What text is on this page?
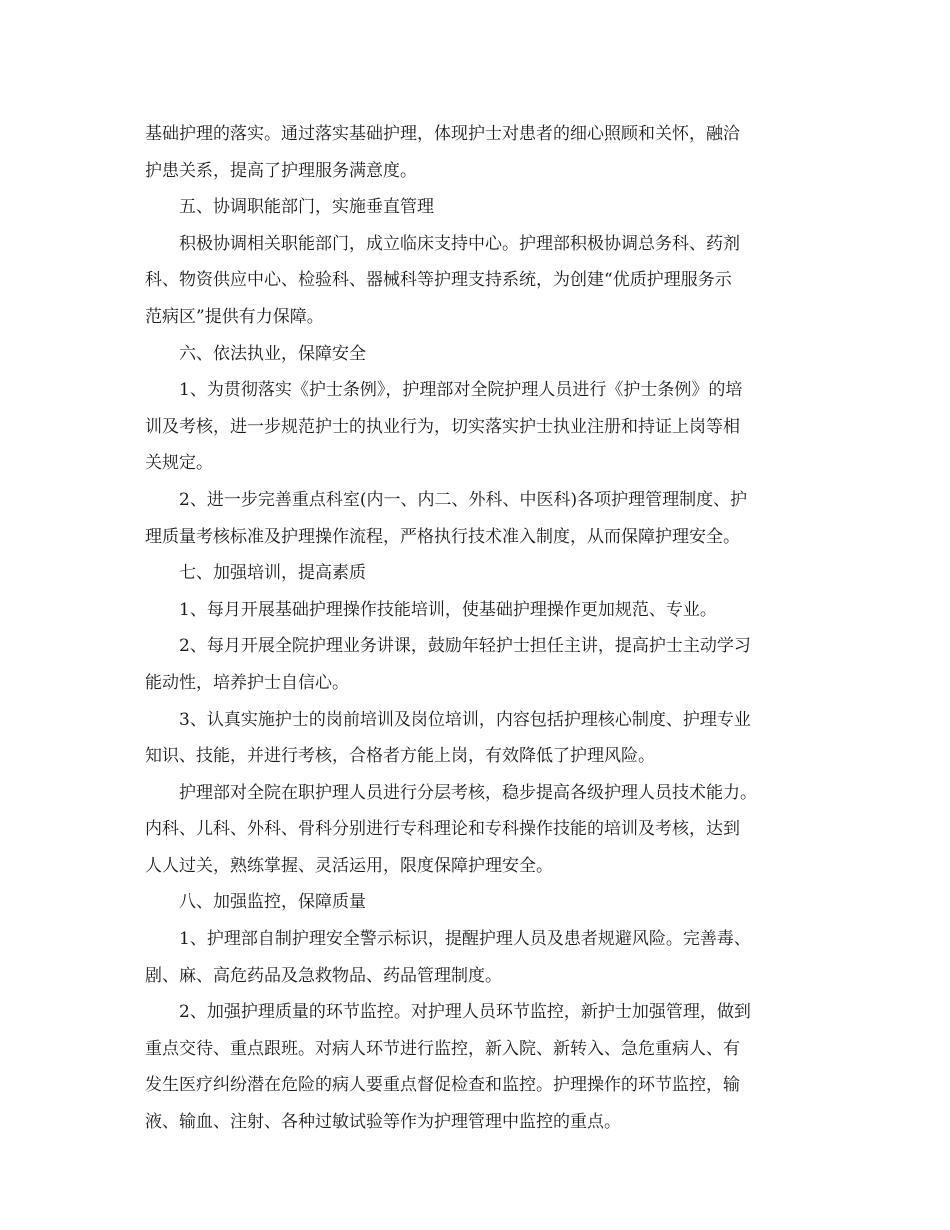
基础护理的落实。通过落实基础护理，体现护士对患者的细心照顾和关怀，融洽
护患关系，提高了护理服务满意度。
五、协调职能部门，实施垂直管理
积极协调相关职能部门，成立临床支持中心。护理部积极协调总务科、药剂
科、物资供应中心、检验科、器械科等护理支持系统，为创建“优质护理服务示
范病区”提供有力保障。
六、依法执业，保障安全
1、为贯彻落实《护士条例》，护理部对全院护理人员进行《护士条例》的培
训及考核，进一步规范护士的执业行为，切实落实护士执业注册和持证上岗等相
关规定。
2、进一步完善重点科室(内一、内二、外科、中医科)各项护理管理制度、护
理质量考核标准及护理操作流程，严格执行技术准入制度，从而保障护理安全。
七、加强培训，提高素质
1、每月开展基础护理操作技能培训，使基础护理操作更加规范、专业。
2、每月开展全院护理业务讲课，鼓励年轻护士担任主讲，提高护士主动学习
能动性，培养护士自信心。
3、认真实施护士的岗前培训及岗位培训，内容包括护理核心制度、护理专业
知识、技能，并进行考核，合格者方能上岗，有效降低了护理风险。
护理部对全院在职护理人员进行分层考核，稳步提高各级护理人员技术能力。
内科、儿科、外科、骨科分别进行专科理论和专科操作技能的培训及考核，达到
人人过关，熟练掌握、灵活运用，限度保障护理安全。
八、加强监控，保障质量
1、护理部自制护理安全警示标识，提醒护理人员及患者规避风险。完善毒、
剧、麻、高危药品及急救物品、药品管理制度。
2、加强护理质量的环节监控。对护理人员环节监控，新护士加强管理，做到
重点交待、重点跟班。对病人环节进行监控，新入院、新转入、急危重病人、有
发生医疗纠纷潜在危险的病人要重点督促检查和监控。护理操作的环节监控，输
液、输血、注射、各种过敏试验等作为护理管理中监控的重点。
